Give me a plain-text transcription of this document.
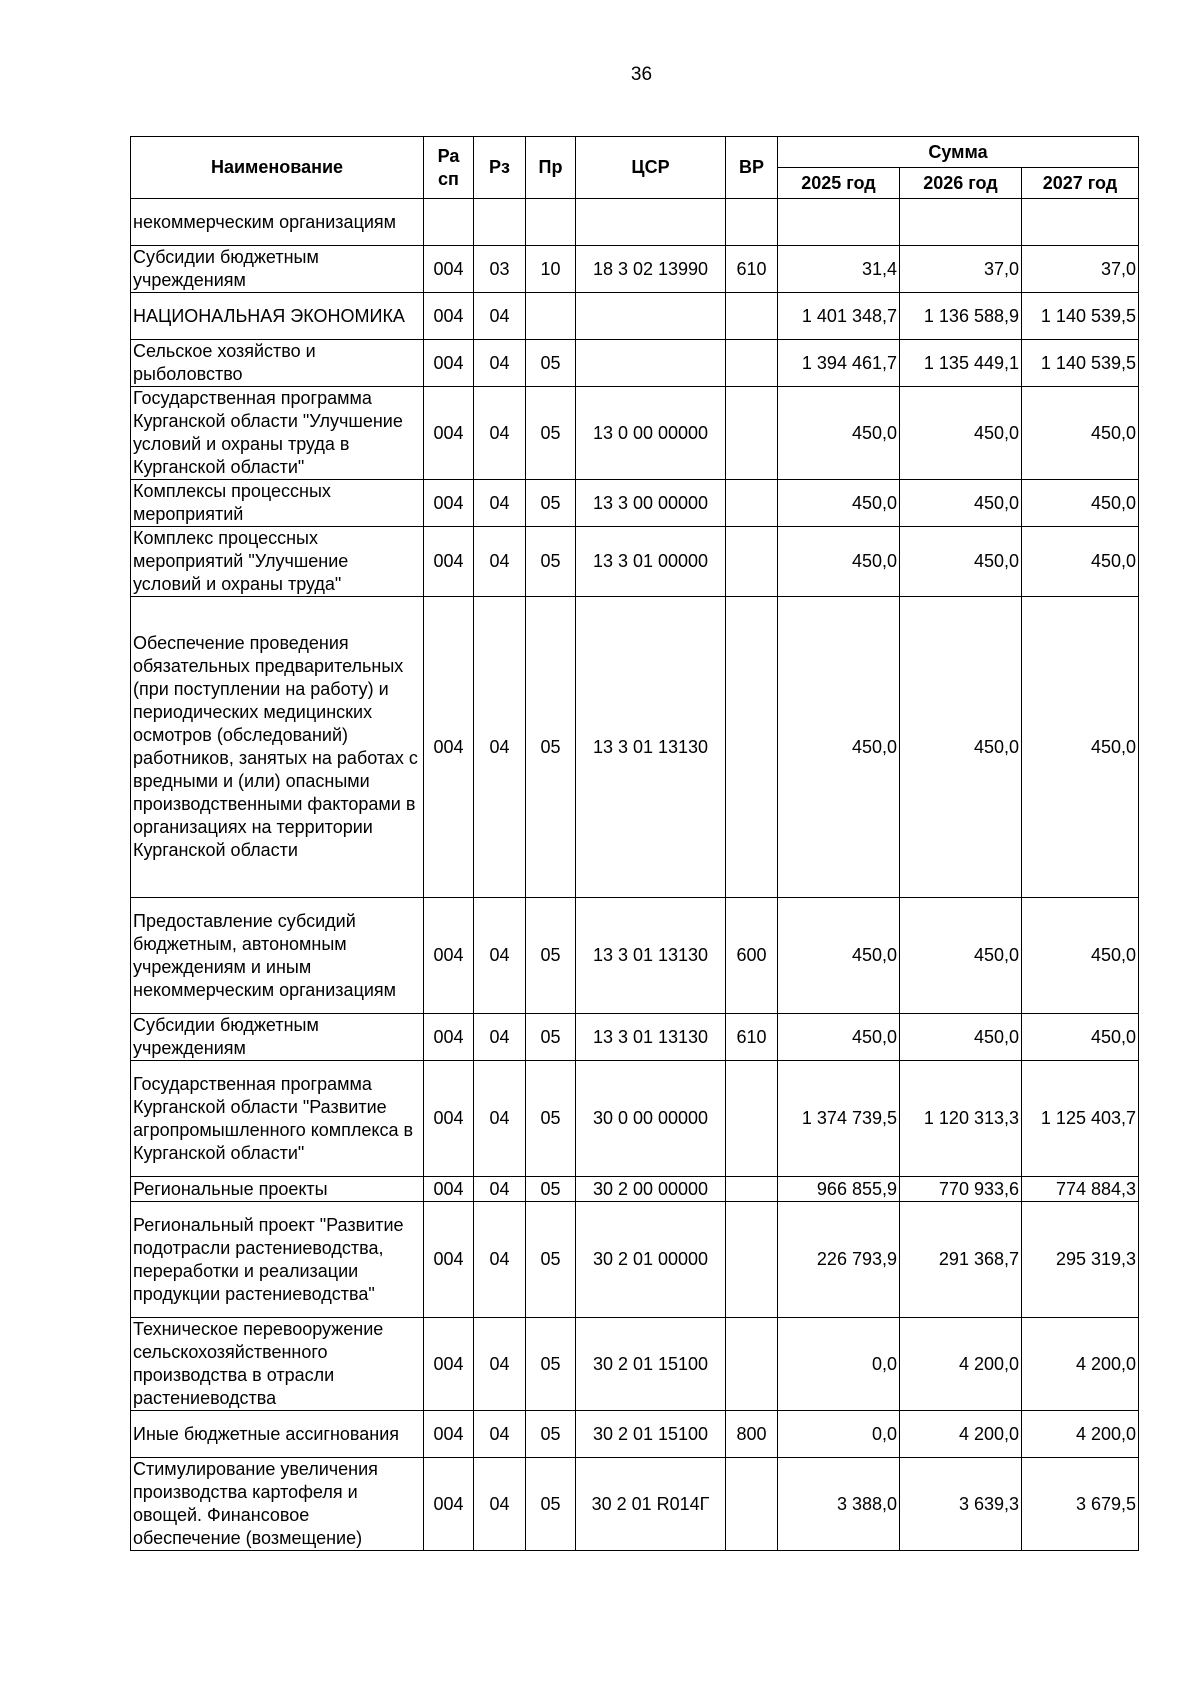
36
Наименование	Ра сп	Рз	Пр	ЦСР	ВР	Сумма		
						2025 год	2026 год	2027 год
некоммерческим организациям								
Субсидии бюджетным учреждениям	004	03	10	18 3 02 13990	610	31,4	37,0	37,0
НАЦИОНАЛЬНАЯ ЭКОНОМИКА	004	04				1 401 348,7	1 136 588,9	1 140 539,5
Сельское хозяйство и рыболовство	004	04	05			1 394 461,7	1 135 449,1	1 140 539,5
Государственная программа Курганской области "Улучшение условий и охраны труда в Курганской области"	004	04	05	13 0 00 00000		450,0	450,0	450,0
Комплексы процессных мероприятий	004	04	05	13 3 00 00000		450,0	450,0	450,0
Комплекс процессных мероприятий "Улучшение условий и охраны труда"	004	04	05	13 3 01 00000		450,0	450,0	450,0
Обеспечение проведения обязательных предварительных (при поступлении на работу) и периодических медицинских осмотров (обследований) работников, занятых на работах с вредными и (или) опасными производственными факторами в организациях на территории Курганской области	004	04	05	13 3 01 13130		450,0	450,0	450,0
Предоставление субсидий бюджетным, автономным учреждениям и иным некоммерческим организациям	004	04	05	13 3 01 13130	600	450,0	450,0	450,0
Субсидии бюджетным учреждениям	004	04	05	13 3 01 13130	610	450,0	450,0	450,0
Государственная программа Курганской области "Развитие агропромышленного комплекса в Курганской области"	004	04	05	30 0 00 00000		1 374 739,5	1 120 313,3	1 125 403,7
Региональные проекты	004	04	05	30 2 00 00000		966 855,9	770 933,6	774 884,3
Региональный проект "Развитие подотрасли растениеводства, переработки и реализации продукции растениеводства"	004	04	05	30 2 01 00000		226 793,9	291 368,7	295 319,3
Техническое перевооружение сельскохозяйственного производства в отрасли растениеводства	004	04	05	30 2 01 15100		0,0	4 200,0	4 200,0
Иные бюджетные ассигнования	004	04	05	30 2 01 15100	800	0,0	4 200,0	4 200,0
Стимулирование увеличения производства картофеля и овощей. Финансовое обеспечение (возмещение)	004	04	05	30 2 01 R014Г		3 388,0	3 639,3	3 679,5
